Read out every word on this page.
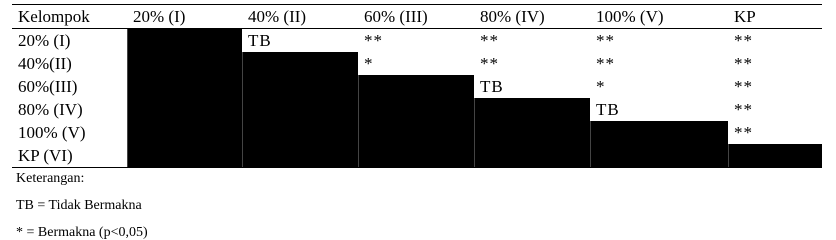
Kelompok	20% (I)	40% (II)	60% (III)	80% (IV)	100% (V)	KP
20% (I)		TB	**	**	**	**
40%(II)			*	**	**	**
60%(III)				TB	*	**
80% (IV)					TB	**
100% (V)						**
KP (VI)						
Keterangan:
TB = Tidak Bermakna
* = Bermakna (p<0,05)
